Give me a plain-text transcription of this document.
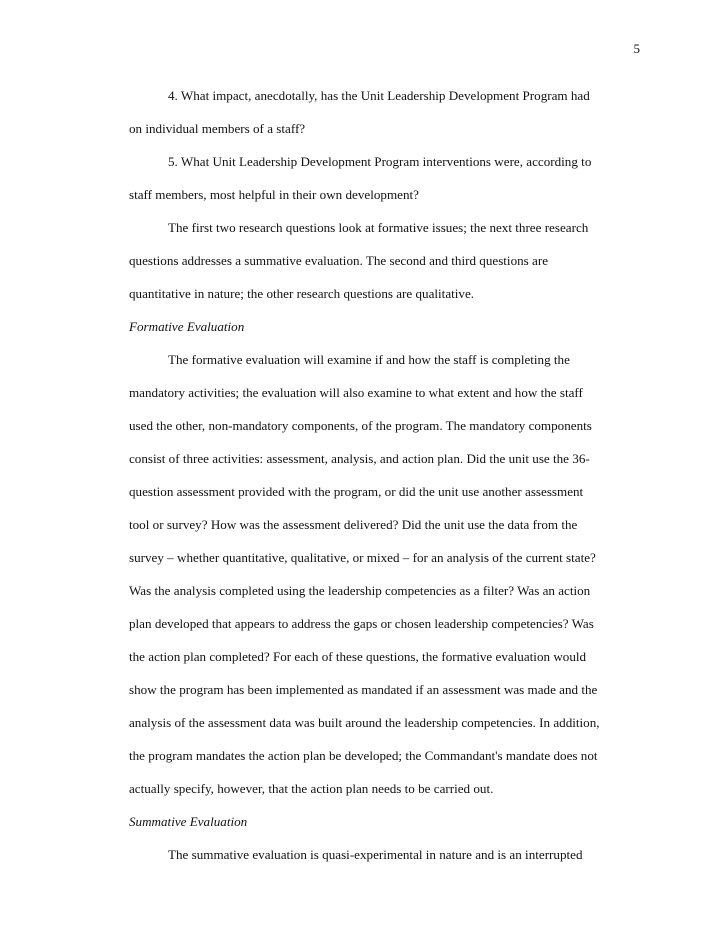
5
4. What impact, anecdotally, has the Unit Leadership Development Program had
on individual members of a staff?
5. What Unit Leadership Development Program interventions were, according to
staff members, most helpful in their own development?
The first two research questions look at formative issues; the next three research
questions addresses a summative evaluation. The second and third questions are
quantitative in nature; the other research questions are qualitative.
Formative Evaluation
The formative evaluation will examine if and how the staff is completing the
mandatory activities; the evaluation will also examine to what extent and how the staff
used the other, non-mandatory components, of the program. The mandatory components
consist of three activities: assessment, analysis, and action plan. Did the unit use the 36-
question assessment provided with the program, or did the unit use another assessment
tool or survey? How was the assessment delivered? Did the unit use the data from the
survey – whether quantitative, qualitative, or mixed – for an analysis of the current state?
Was the analysis completed using the leadership competencies as a filter? Was an action
plan developed that appears to address the gaps or chosen leadership competencies? Was
the action plan completed? For each of these questions, the formative evaluation would
show the program has been implemented as mandated if an assessment was made and the
analysis of the assessment data was built around the leadership competencies. In addition,
the program mandates the action plan be developed; the Commandant's mandate does not
actually specify, however, that the action plan needs to be carried out.
Summative Evaluation
The summative evaluation is quasi-experimental in nature and is an interrupted
